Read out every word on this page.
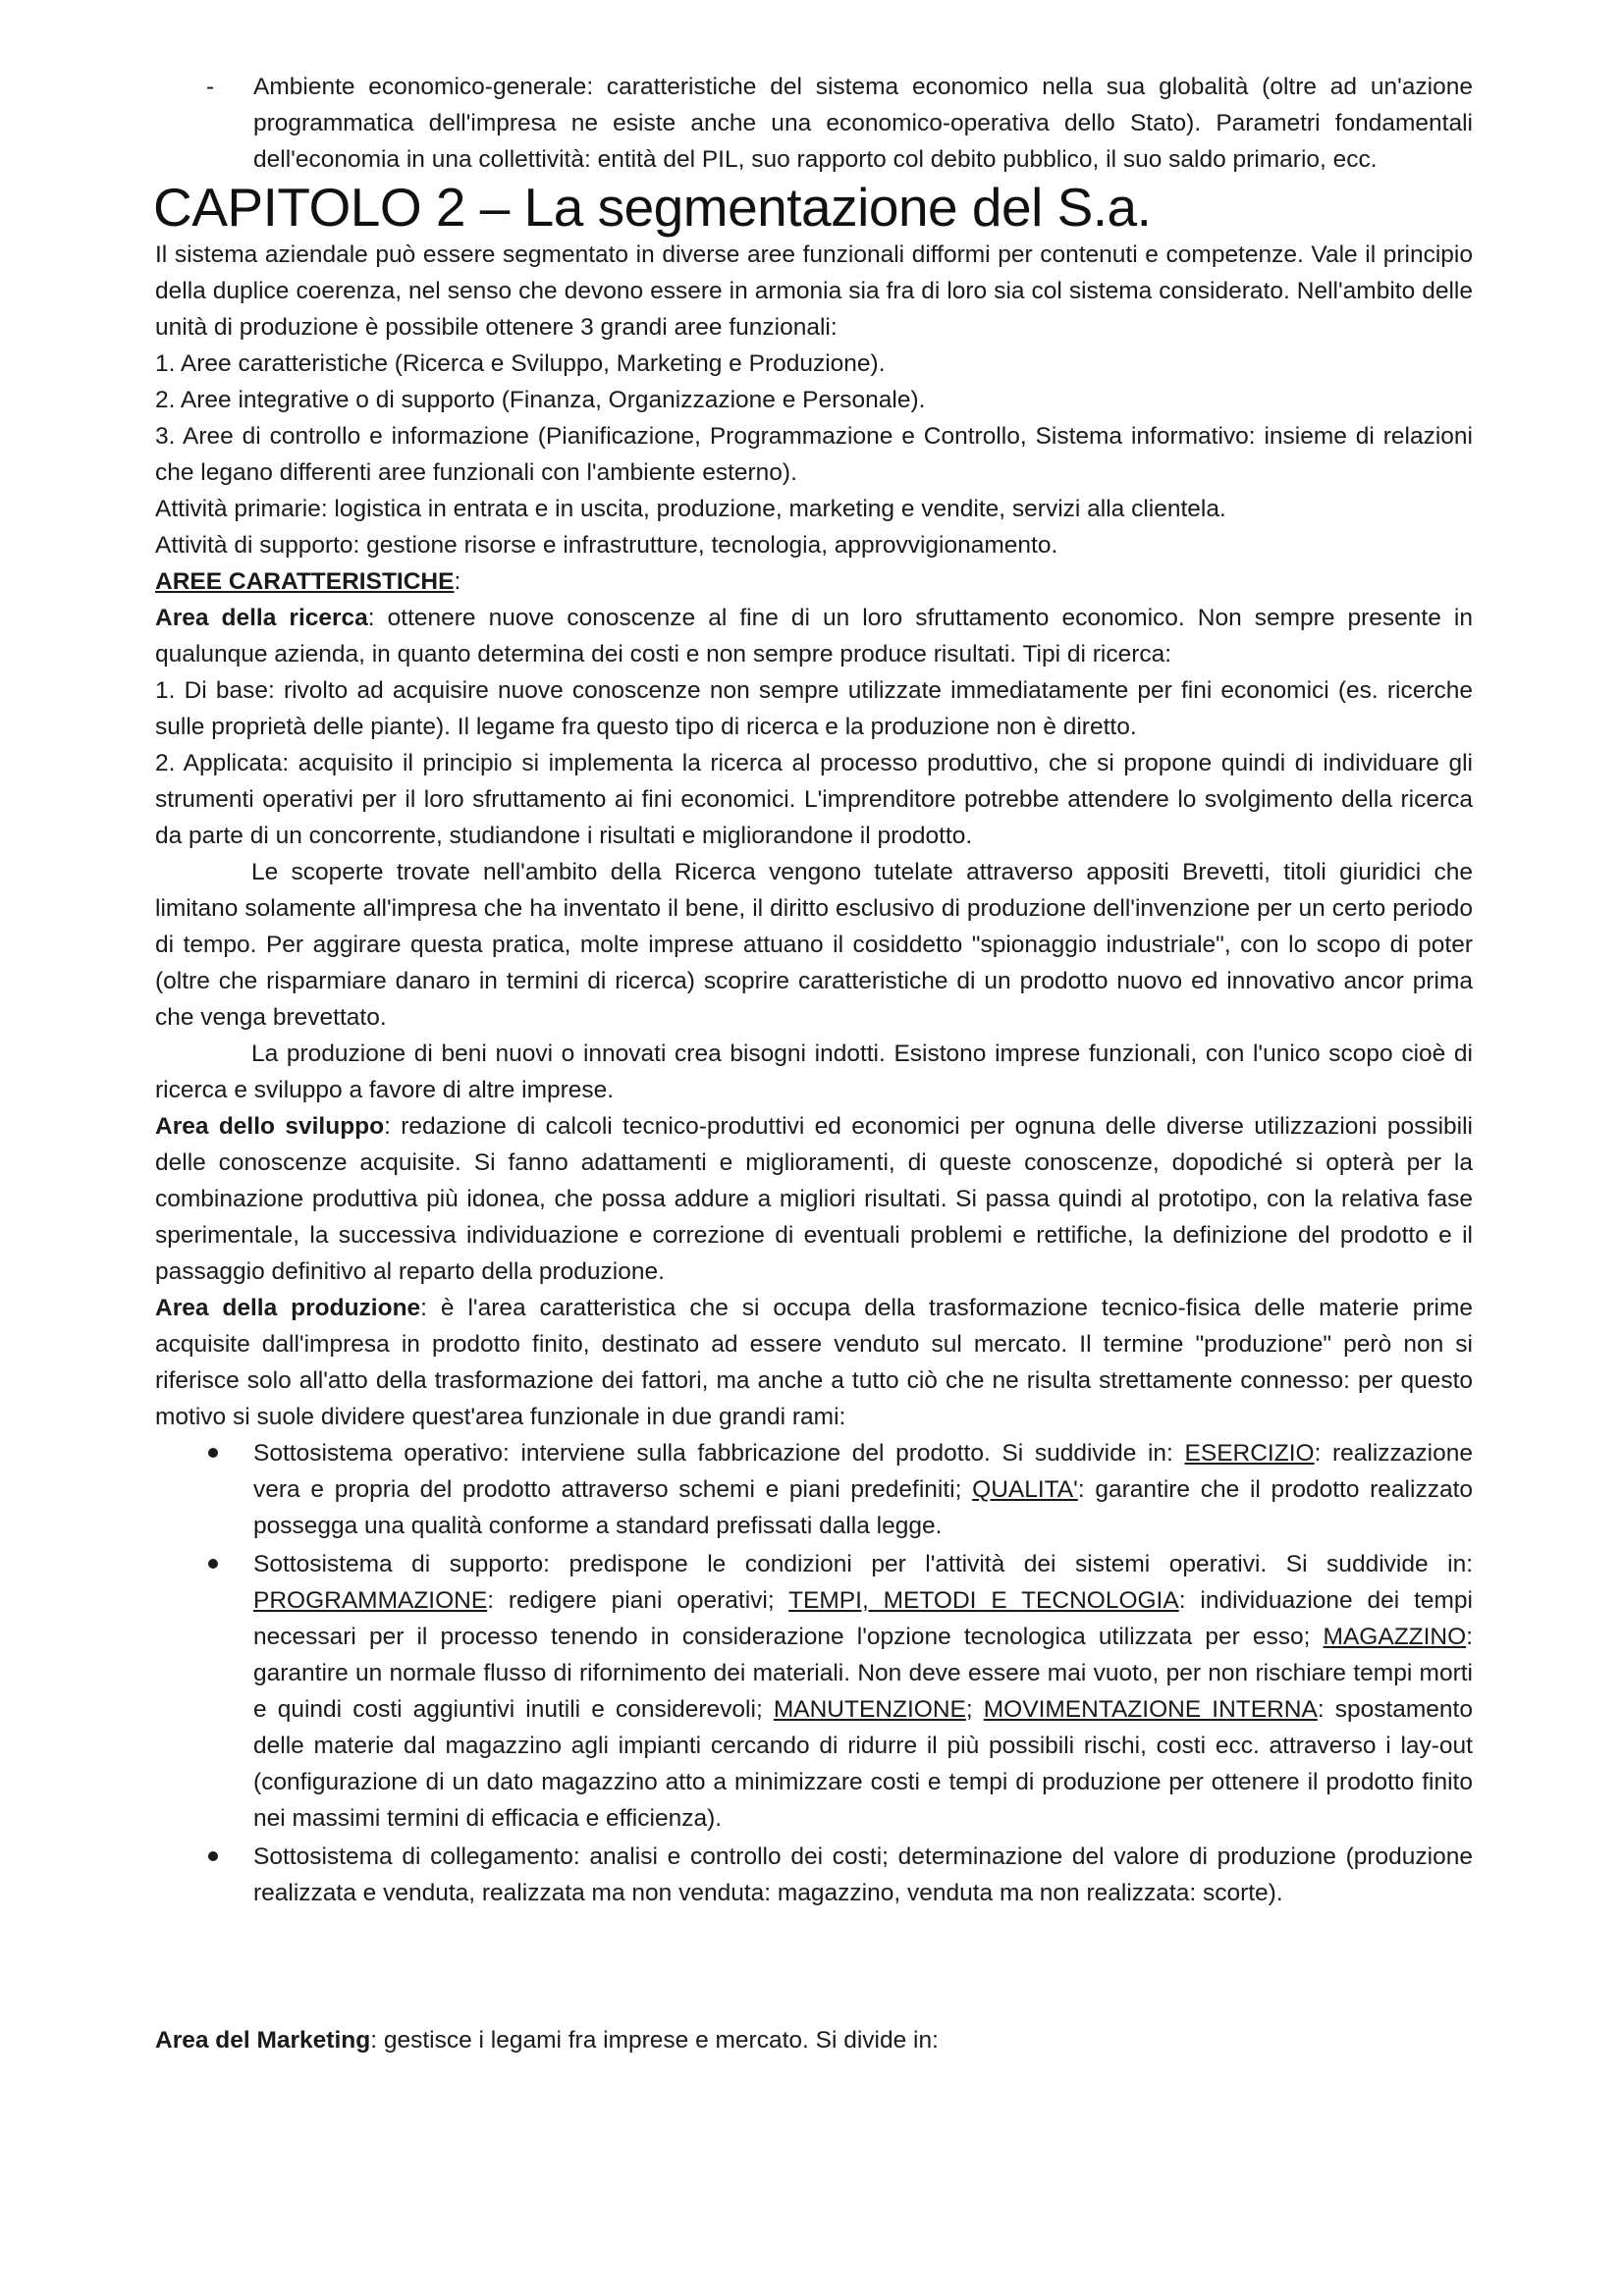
- Ambiente economico-generale: caratteristiche del sistema economico nella sua globalità (oltre ad un'azione programmatica dell'impresa ne esiste anche una economico-operativa dello Stato). Parametri fondamentali dell'economia in una collettività: entità del PIL, suo rapporto col debito pubblico, il suo saldo primario, ecc.

CAPITOLO 2 – La segmentazione del S.a.

Il sistema aziendale può essere segmentato in diverse aree funzionali difformi per contenuti e competenze. Vale il principio della duplice coerenza, nel senso che devono essere in armonia sia fra di loro sia col sistema considerato. Nell'ambito delle unità di produzione è possibile ottenere 3 grandi aree funzionali:

1. Aree caratteristiche (Ricerca e Sviluppo, Marketing e Produzione).

2. Aree integrative o di supporto (Finanza, Organizzazione e Personale).

3. Aree di controllo e informazione (Pianificazione, Programmazione e Controllo, Sistema informativo: insieme di relazioni che legano differenti aree funzionali con l'ambiente esterno).

Attività primarie: logistica in entrata e in uscita, produzione, marketing e vendite, servizi alla clientela.

Attività di supporto: gestione risorse e infrastrutture, tecnologia, approvvigionamento.

AREE CARATTERISTICHE:

Area della ricerca: ottenere nuove conoscenze al fine di un loro sfruttamento economico. Non sempre presente in qualunque azienda, in quanto determina dei costi e non sempre produce risultati. Tipi di ricerca:

1. Di base: rivolto ad acquisire nuove conoscenze non sempre utilizzate immediatamente per fini economici (es. ricerche sulle proprietà delle piante). Il legame fra questo tipo di ricerca e la produzione non è diretto.

2. Applicata: acquisito il principio si implementa la ricerca al processo produttivo, che si propone quindi di individuare gli strumenti operativi per il loro sfruttamento ai fini economici. L'imprenditore potrebbe attendere lo svolgimento della ricerca da parte di un concorrente, studiandone i risultati e migliorandone il prodotto.

Le scoperte trovate nell'ambito della Ricerca vengono tutelate attraverso appositi Brevetti, titoli giuridici che limitano solamente all'impresa che ha inventato il bene, il diritto esclusivo di produzione dell'invenzione per un certo periodo di tempo. Per aggirare questa pratica, molte imprese attuano il cosiddetto "spionaggio industriale", con lo scopo di poter (oltre che risparmiare danaro in termini di ricerca) scoprire caratteristiche di un prodotto nuovo ed innovativo ancor prima che venga brevettato.

La produzione di beni nuovi o innovati crea bisogni indotti. Esistono imprese funzionali, con l'unico scopo cioè di ricerca e sviluppo a favore di altre imprese.

Area dello sviluppo: redazione di calcoli tecnico-produttivi ed economici per ognuna delle diverse utilizzazioni possibili delle conoscenze acquisite. Si fanno adattamenti e miglioramenti, di queste conoscenze, dopodiché si opterà per la combinazione produttiva più idonea, che possa addure a migliori risultati. Si passa quindi al prototipo, con la relativa fase sperimentale, la successiva individuazione e correzione di eventuali problemi e rettifiche, la definizione del prodotto e il passaggio definitivo al reparto della produzione.

Area della produzione: è l'area caratteristica che si occupa della trasformazione tecnico-fisica delle materie prime acquisite dall'impresa in prodotto finito, destinato ad essere venduto sul mercato. Il termine "produzione" però non si riferisce solo all'atto della trasformazione dei fattori, ma anche a tutto ciò che ne risulta strettamente connesso: per questo motivo si suole dividere quest'area funzionale in due grandi rami:

Sottosistema operativo: interviene sulla fabbricazione del prodotto. Si suddivide in: ESERCIZIO: realizzazione vera e propria del prodotto attraverso schemi e piani predefiniti; QUALITA': garantire che il prodotto realizzato possegga una qualità conforme a standard prefissati dalla legge.
Sottosistema di supporto: predispone le condizioni per l'attività dei sistemi operativi. Si suddivide in: PROGRAMMAZIONE: redigere piani operativi; TEMPI, METODI E TECNOLOGIA: individuazione dei tempi necessari per il processo tenendo in considerazione l'opzione tecnologica utilizzata per esso; MAGAZZINO: garantire un normale flusso di rifornimento dei materiali. Non deve essere mai vuoto, per non rischiare tempi morti e quindi costi aggiuntivi inutili e considerevoli; MANUTENZIONE; MOVIMENTAZIONE INTERNA: spostamento delle materie dal magazzino agli impianti cercando di ridurre il più possibili rischi, costi ecc. attraverso i lay-out (configurazione di un dato magazzino atto a minimizzare costi e tempi di produzione per ottenere il prodotto finito nei massimi termini di efficacia e efficienza).
Sottosistema di collegamento: analisi e controllo dei costi; determinazione del valore di produzione (produzione realizzata e venduta, realizzata ma non venduta: magazzino, venduta ma non realizzata: scorte).

Area del Marketing: gestisce i legami fra imprese e mercato. Si divide in:
